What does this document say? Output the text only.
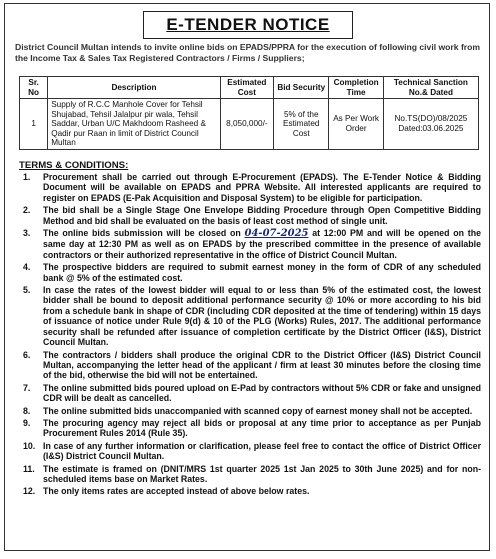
E-TENDER NOTICE
District Council Multan intends to invite online bids on EPADS/PPRA for the execution of following civil work from the Income Tax & Sales Tax Registered Contractors / Firms / Suppliers;
Sr. No	Description	Estimated Cost	Bid Security	Completion Time	Technical Sanction No.& Dated
1	Supply of R.C.C Manhole Cover for Tehsil Shujabad, Tehsil Jalalpur pir wala, Tehsil Saddar, Urban U/C Makhdoom Rasheed & Qadir pur Raan in limit of District Council Multan	8,050,000/-	5% of the Estimated Cost	As Per Work Order	No.TS(DO)/08/2025 Dated:03.06.2025
TERMS & CONDITIONS:
1. Procurement shall be carried out through E-Procurement (EPADS). The E-Tender Notice & Bidding Document will be available on EPADS and PPRA Website. All interested applicants are required to register on EPADS (E-Pak Acquisition and Disposal System) to be eligible for participation.
2. The bid shall be a Single Stage One Envelope Bidding Procedure through Open Competitive Bidding Method and bid shall be evaluated on the basis of least cost method of single unit.
3. The online bids submission will be closed on 04-07-2025 at 12:00 PM and will be opened on the same day at 12:30 PM as well as on EPADS by the prescribed committee in the presence of available contractors or their authorized representative in the office of District Council Multan.
4. The prospective bidders are required to submit earnest money in the form of CDR of any scheduled bank @ 5% of the estimated cost.
5. In case the rates of the lowest bidder will equal to or less than 5% of the estimated cost, the lowest bidder shall be bound to deposit additional performance security @ 10% or more according to his bid from a schedule bank in shape of CDR (including CDR deposited at the time of tendering) within 15 days of issuance of notice under Rule 9(d) & 10 of the PLG (Works) Rules, 2017. The additional performance security shall be refunded after issuance of completion certificate by the District Officer (I&S), District Council Multan.
6. The contractors / bidders shall produce the original CDR to the District Officer (I&S) District Council Multan, accompanying the letter head of the applicant / firm at least 30 minutes before the closing time of the bid, otherwise the bid will not be entertained.
7. The online submitted bids poured upload on E-Pad by contractors without 5% CDR or fake and unsigned CDR will be dealt as cancelled.
8. The online submitted bids unaccompanied with scanned copy of earnest money shall not be accepted.
9. The procuring agency may reject all bids or proposal at any time prior to acceptance as per Punjab Procurement Rules 2014 (Rule 35).
10. In case of any further information or clarification, please feel free to contact the office of District Officer (I&S) District Council Multan.
11. The estimate is framed on (DNIT/MRS 1st quarter 2025 1st Jan 2025 to 30th June 2025) and for non-scheduled items base on Market Rates.
12. The only items rates are accepted instead of above below rates.
